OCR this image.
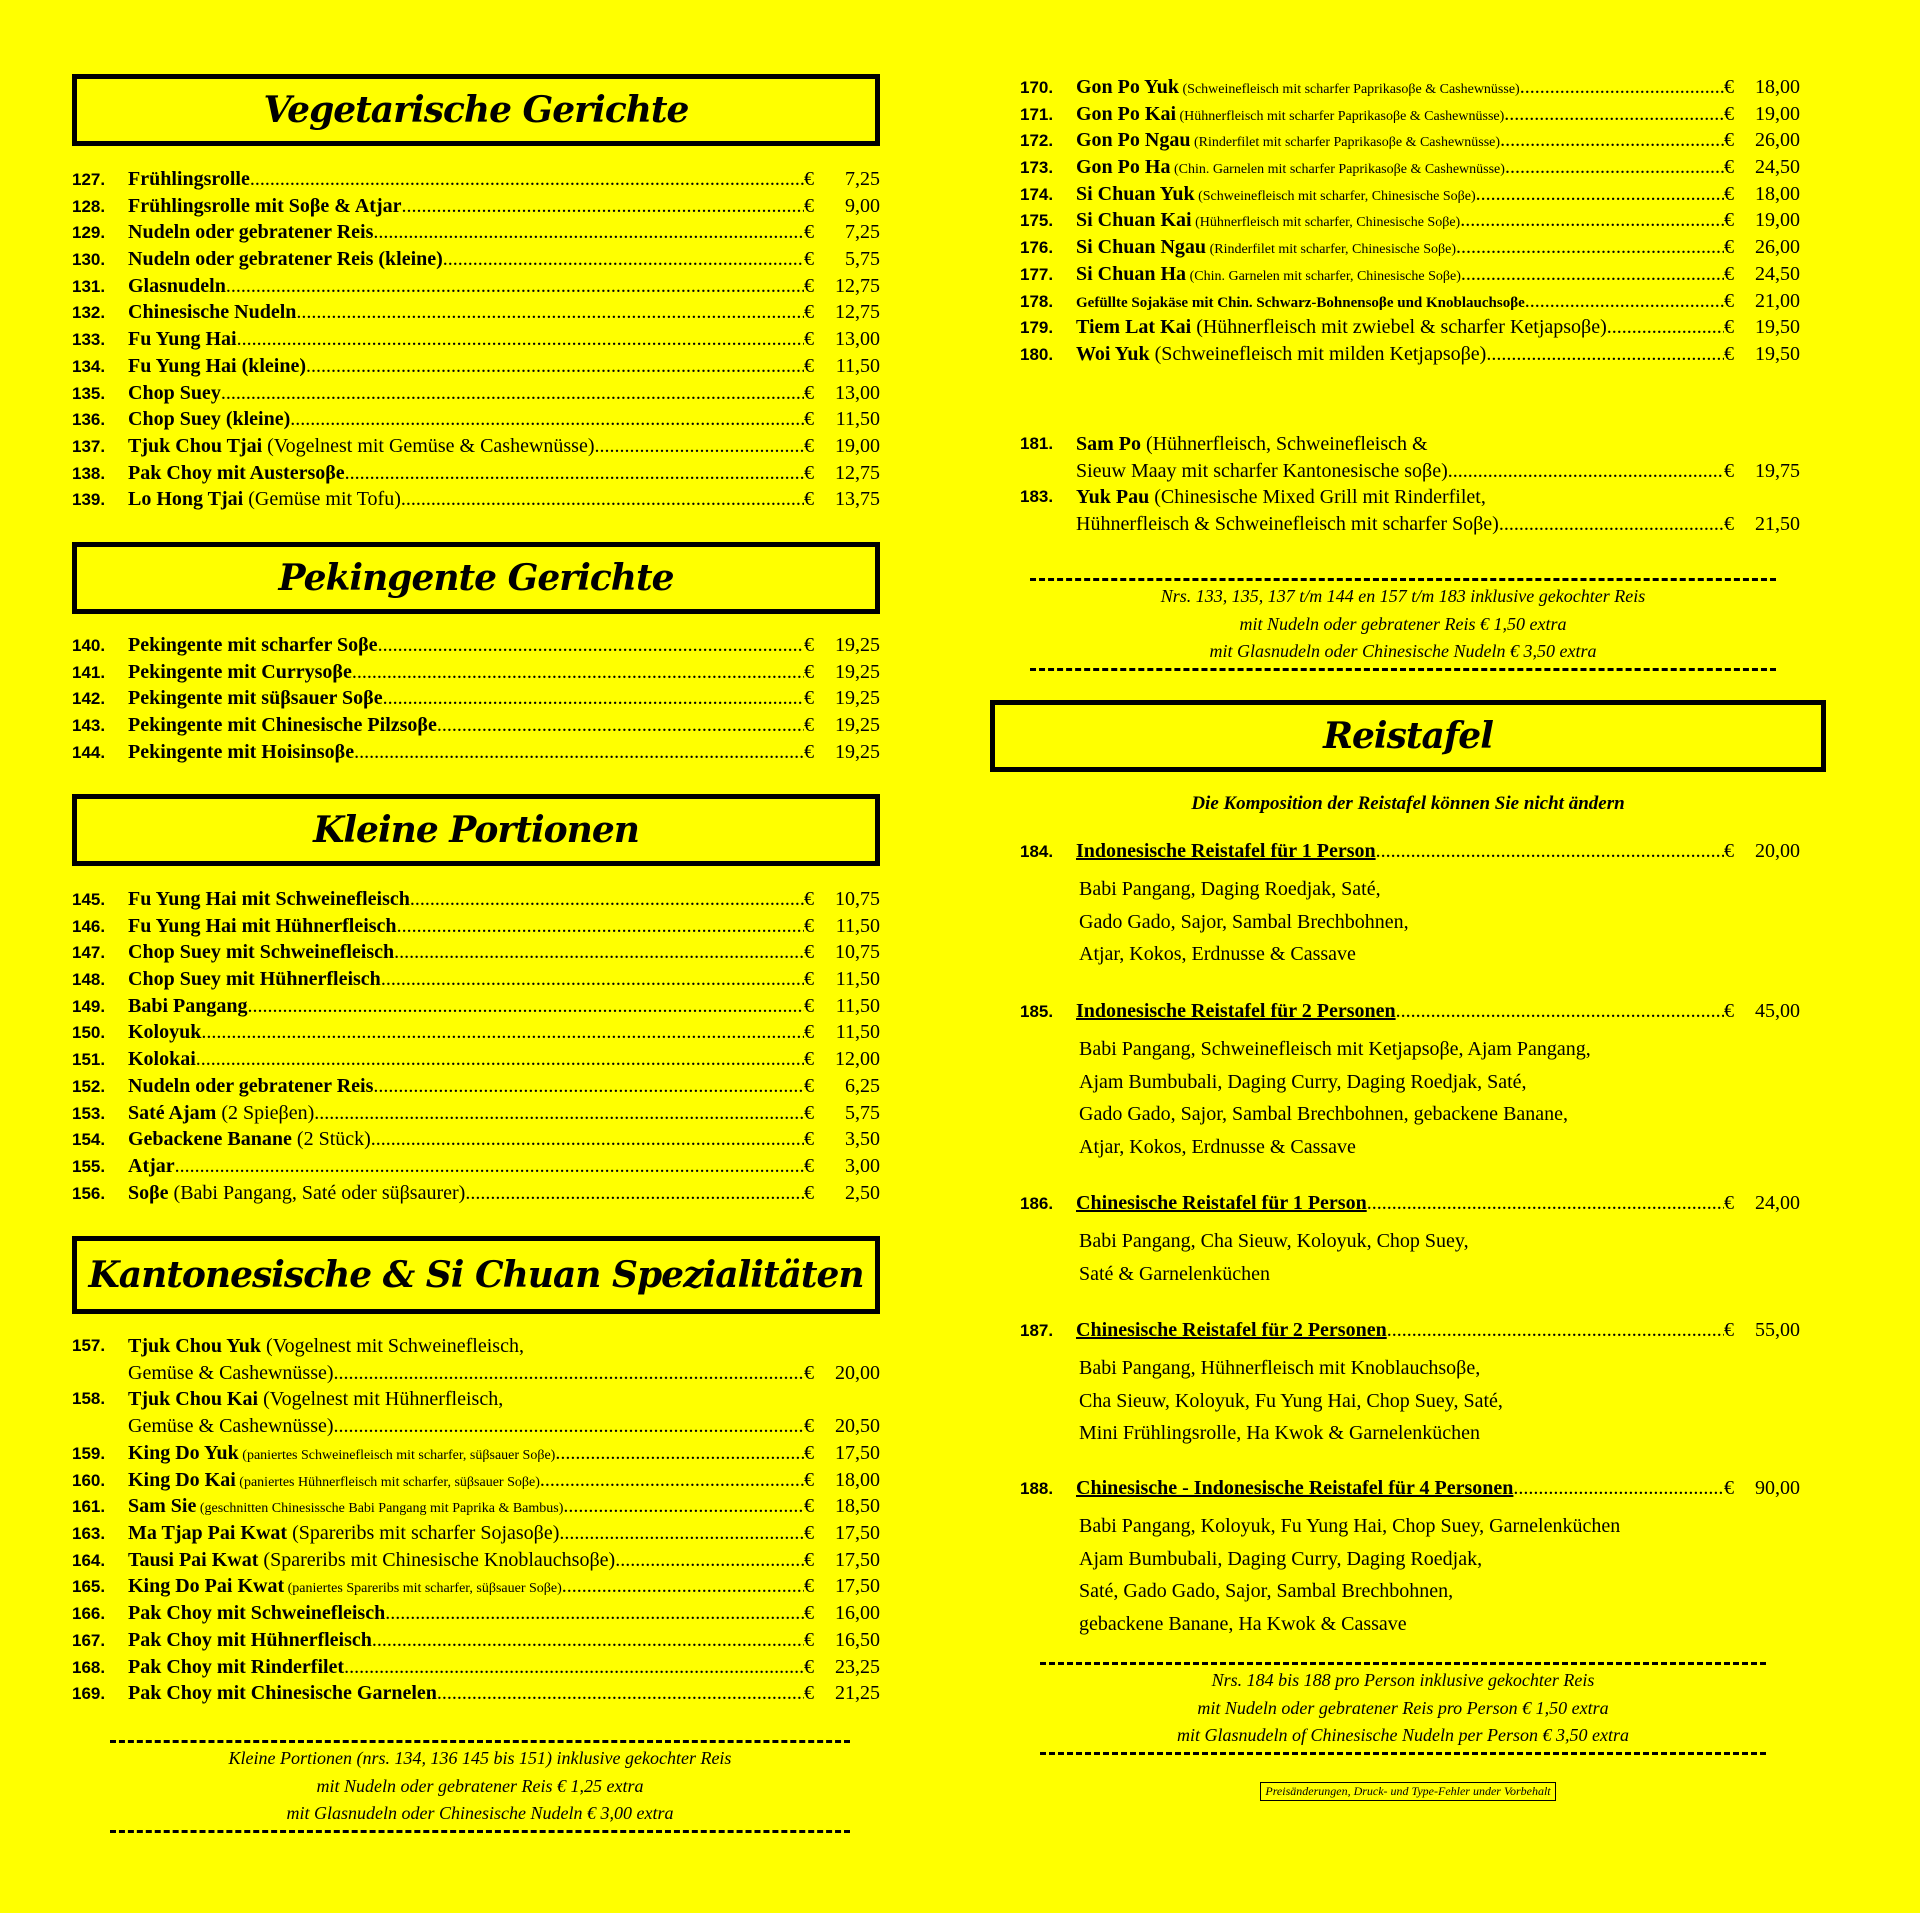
Vegetarische Gerichte
127.	Frühlingsrolle .....	€	7,25
128.	Frühlingsrolle mit Soβe & Atjar .....	€	9,00
129.	Nudeln oder gebratener Reis .....	€	7,25
130.	Nudeln oder gebratener Reis (kleine) .....	€	5,75
131.	Glasnudeln .....	€	12,75
132.	Chinesische Nudeln .....	€	12,75
133.	Fu Yung Hai .....	€	13,00
134.	Fu Yung Hai (kleine) .....	€	11,50
135.	Chop Suey .....	€	13,00
136.	Chop Suey (kleine) .....	€	11,50
137.	Tjuk Chou Tjai (Vogelnest mit Gemüse & Cashewnüsse) .....	€	19,00
138.	Pak Choy mit Austersoβe .....	€	12,75
139.	Lo Hong Tjai (Gemüse mit Tofu) .....	€	13,75
Pekingente Gerichte
140.	Pekingente mit scharfer Soβe .....	€	19,25
141.	Pekingente mit Currysoβe .....	€	19,25
142.	Pekingente mit süβsauer Soβe .....	€	19,25
143.	Pekingente mit Chinesische Pilzsoβe .....	€	19,25
144.	Pekingente mit Hoisinsoβe .....	€	19,25
Kleine Portionen
145.	Fu Yung Hai mit Schweinefleisch .....	€	10,75
146.	Fu Yung Hai mit Hühnerfleisch .....	€	11,50
147.	Chop Suey mit Schweinefleisch .....	€	10,75
148.	Chop Suey mit Hühnerfleisch .....	€	11,50
149.	Babi Pangang .....	€	11,50
150.	Koloyuk .....	€	11,50
151.	Kolokai .....	€	12,00
152.	Nudeln oder gebratener Reis .....	€	6,25
153.	Saté Ajam (2 Spieβen) .....	€	5,75
154.	Gebackene Banane (2 Stück) .....	€	3,50
155.	Atjar .....	€	3,00
156.	Soβe (Babi Pangang, Saté oder süβsaurer) .....	€	2,50
Kantonesische & Si Chuan Spezialitäten
157.	Tjuk Chou Yuk (Vogelnest mit Schweinefleisch,
Gemüse & Cashewnüsse) .....	€	20,00
158.	Tjuk Chou Kai (Vogelnest mit Hühnerfleisch,
Gemüse & Cashewnüsse) .....	€	20,50
159.	King Do Yuk (paniertes Schweinefleisch mit scharfer, süβsauer Soβe) .....	€	17,50
160.	King Do Kai (paniertes Hühnerfleisch mit scharfer, süβsauer Soβe) .....	€	18,00
161.	Sam Sie (geschnitten Chinesissche Babi Pangang mit Paprika & Bambus) .....	€	18,50
163.	Ma Tjap Pai Kwat (Spareribs mit scharfer Sojasoβe) .....	€	17,50
164.	Tausi Pai Kwat (Spareribs mit Chinesische Knoblauchsoβe) .....	€	17,50
165.	King Do Pai Kwat (paniertes Spareribs mit scharfer, süβsauer Soβe) .....	€	17,50
166.	Pak Choy mit Schweinefleisch .....	€	16,00
167.	Pak Choy mit Hühnerfleisch .....	€	16,50
168.	Pak Choy mit Rinderfilet .....	€	23,25
169.	Pak Choy mit Chinesische Garnelen .....	€	21,25
Kleine Portionen (nrs. 134, 136 145 bis 151) inklusive gekochter Reis
mit Nudeln oder gebratener Reis € 1,25 extra
mit Glasnudeln oder Chinesische Nudeln € 3,00 extra
170.	Gon Po Yuk (Schweinefleisch mit scharfer Paprikasoβe & Cashewnüsse) .....	€	18,00
171.	Gon Po Kai (Hühnerfleisch mit scharfer Paprikasoβe & Cashewnüsse) .....	€	19,00
172.	Gon Po Ngau (Rinderfilet mit scharfer Paprikasoβe & Cashewnüsse) .....	€	26,00
173.	Gon Po Ha (Chin. Garnelen mit scharfer Paprikasoβe & Cashewnüsse) .....	€	24,50
174.	Si Chuan Yuk (Schweinefleisch mit scharfer, Chinesische Soβe) .....	€	18,00
175.	Si Chuan Kai (Hühnerfleisch mit scharfer, Chinesische Soβe) .....	€	19,00
176.	Si Chuan Ngau (Rinderfilet mit scharfer, Chinesische Soβe) .....	€	26,00
177.	Si Chuan Ha (Chin. Garnelen mit scharfer, Chinesische Soβe) .....	€	24,50
178.	Gefüllte Sojakäse mit Chin. Schwarz-Bohnensoβe und Knoblauchsoβe .....	€	21,00
179.	Tiem Lat Kai (Hühnerfleisch mit zwiebel & scharfer Ketjapsoβe) .....	€	19,50
180.	Woi Yuk (Schweinefleisch mit milden Ketjapsoβe) .....	€	19,50
181.	Sam Po (Hühnerfleisch, Schweinefleisch &
Sieuw Maay mit scharfer Kantonesische soβe) .....	€	19,75
183.	Yuk Pau (Chinesische Mixed Grill mit Rinderfilet,
Hühnerfleisch & Schweinefleisch mit scharfer Soβe) .....	€	21,50
Nrs. 133, 135, 137 t/m 144 en 157 t/m 183 inklusive gekochter Reis
mit Nudeln oder gebratener Reis € 1,50 extra
mit Glasnudeln oder Chinesische Nudeln € 3,50 extra
Reistafel
Die Komposition der Reistafel können Sie nicht ändern
184.	Indonesische Reistafel für 1 Person .....	€	20,00
Babi Pangang, Daging Roedjak, Saté,
Gado Gado, Sajor, Sambal Brechbohnen,
Atjar, Kokos, Erdnusse & Cassave
185.	Indonesische Reistafel für 2 Personen .....	€	45,00
Babi Pangang, Schweinefleisch mit Ketjapsoβe, Ajam Pangang,
Ajam Bumbubali, Daging Curry, Daging Roedjak, Saté,
Gado Gado, Sajor, Sambal Brechbohnen, gebackene Banane,
Atjar, Kokos, Erdnusse & Cassave
186.	Chinesische Reistafel für 1 Person .....	€	24,00
Babi Pangang, Cha Sieuw, Koloyuk, Chop Suey,
Saté & Garnelenküchen
187.	Chinesische Reistafel für 2 Personen .....	€	55,00
Babi Pangang, Hühnerfleisch mit Knoblauchsoβe,
Cha Sieuw, Koloyuk, Fu Yung Hai, Chop Suey, Saté,
Mini Frühlingsrolle, Ha Kwok & Garnelenküchen
188.	Chinesische - Indonesische Reistafel für 4 Personen .....	€	90,00
Babi Pangang, Koloyuk, Fu Yung Hai, Chop Suey, Garnelenküchen
Ajam Bumbubali, Daging Curry, Daging Roedjak,
Saté, Gado Gado, Sajor, Sambal Brechbohnen,
gebackene Banane, Ha Kwok & Cassave
Nrs. 184 bis 188 pro Person inklusive gekochter Reis
mit Nudeln oder gebratener Reis pro Person € 1,50 extra
mit Glasnudeln of Chinesische Nudeln per Person € 3,50 extra
Preisänderungen, Druck- und Type-Fehler under Vorbehalt
